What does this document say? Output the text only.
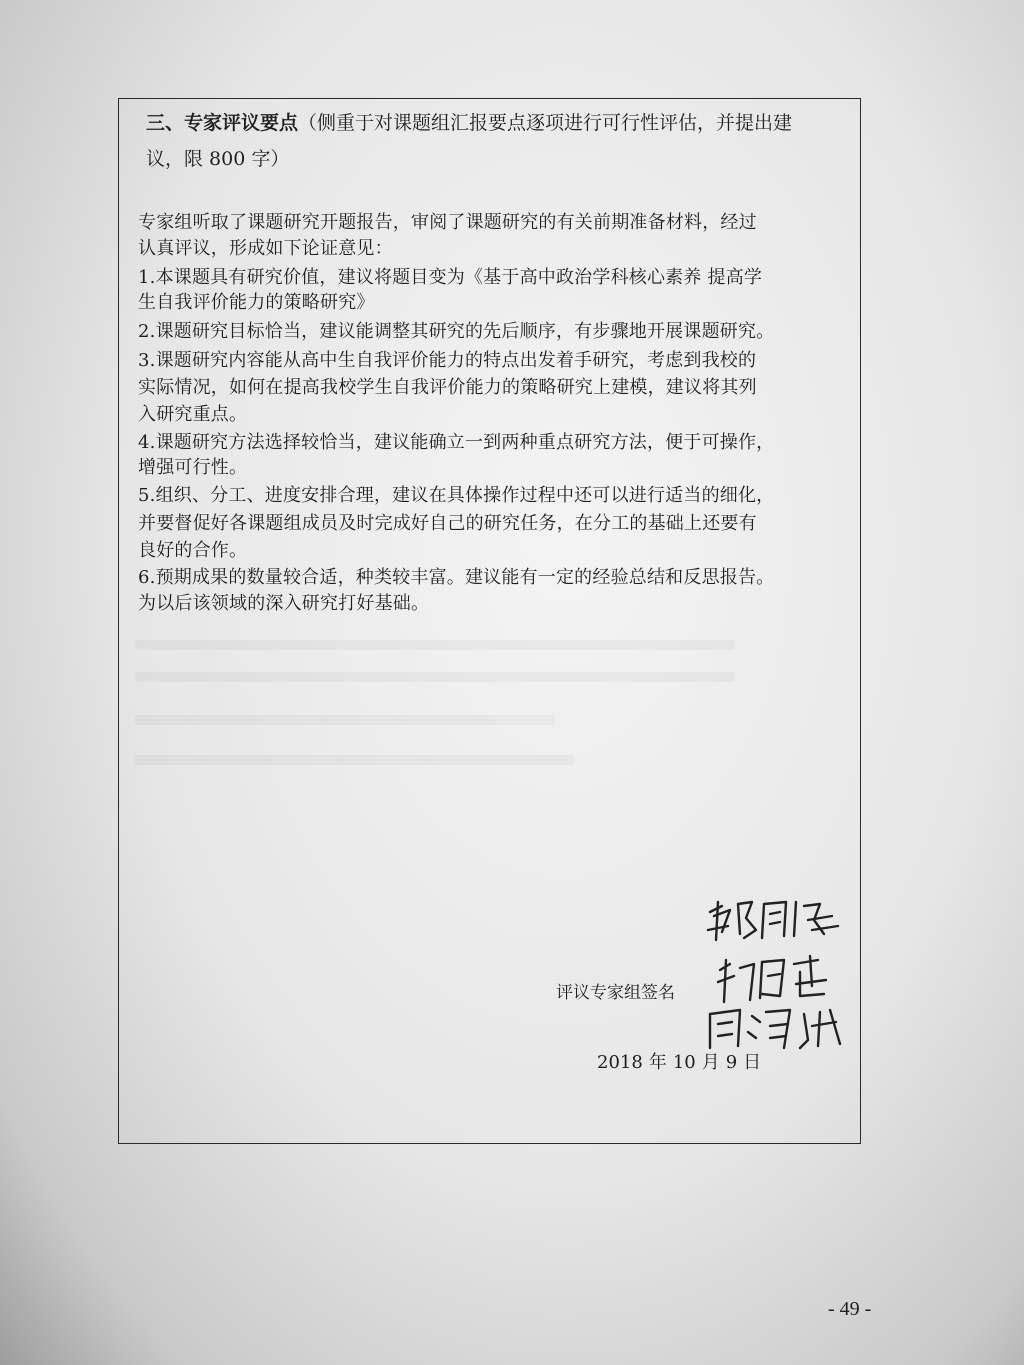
三、专家评议要点（侧重于对课题组汇报要点逐项进行可行性评估，并提出建
议，限 800 字）
专家组听取了课题研究开题报告，审阅了课题研究的有关前期准备材料，经过
认真评议，形成如下论证意见：
1.本课题具有研究价值，建议将题目变为《基于高中政治学科核心素养 提高学
生自我评价能力的策略研究》
2.课题研究目标恰当，建议能调整其研究的先后顺序，有步骤地开展课题研究。
3.课题研究内容能从高中生自我评价能力的特点出发着手研究，考虑到我校的
实际情况，如何在提高我校学生自我评价能力的策略研究上建模，建议将其列
入研究重点。
4.课题研究方法选择较恰当，建议能确立一到两种重点研究方法，便于可操作，
增强可行性。
5.组织、分工、进度安排合理，建议在具体操作过程中还可以进行适当的细化，
并要督促好各课题组成员及时完成好自己的研究任务，在分工的基础上还要有
良好的合作。
6.预期成果的数量较合适，种类较丰富。建议能有一定的经验总结和反思报告。
为以后该领域的深入研究打好基础。
评议专家组签名
2018 年 10 月 9 日
- 49 -
